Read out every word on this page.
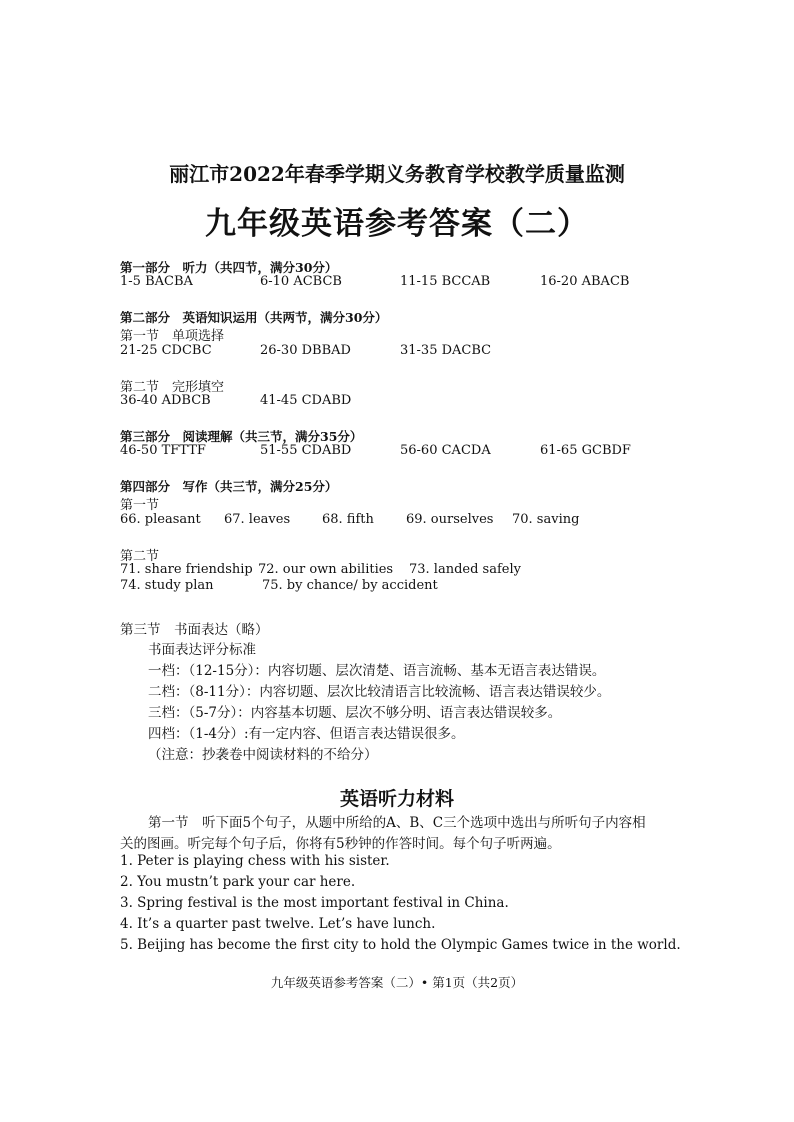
丽江市2022年春季学期义务教育学校教学质量监测
九年级英语参考答案（二）
第一部分　听力（共四节，满分30分）
1-5 BACBA	6-10 ACBCB	11-15 BCCAB	16-20 ABACB
第二部分　英语知识运用（共两节，满分30分）
第一节　单项选择
21-25 CDCBC	26-30 DBBAD	31-35 DACBC
第二节　完形填空
36-40 ADBCB	41-45 CDABD
第三部分　阅读理解（共三节，满分35分）
46-50 TFTTF	51-55 CDABD	56-60 CACDA	61-65 GCBDF
第四部分　写作（共三节，满分25分）
第一节
66. pleasant 67. leaves 68. fifth 69. ourselves 70. saving
第二节
71. share friendship 72. our own abilities 73. landed safely
74. study plan	75. by chance/ by accident
第三节　书面表达（略）
书面表达评分标准
一档：（12-15分）：内容切题、层次清楚、语言流畅、基本无语言表达错误。
二档：（8-11分）：内容切题、层次比较清语言比较流畅、语言表达错误较少。
三档：（5-7分）：内容基本切题、层次不够分明、语言表达错误较多。
四档：（1-4分）:有一定内容、但语言表达错误很多。
（注意：抄袭卷中阅读材料的不给分）
英语听力材料
第一节　听下面5个句子，从题中所给的A、B、C三个选项中选出与所听句子内容相
关的图画。听完每个句子后，你将有5秒钟的作答时间。每个句子听两遍。
1. Peter is playing chess with his sister.
2. You mustn’t park your car here.
3. Spring festival is the most important festival in China.
4. It’s a quarter past twelve. Let’s have lunch.
5. Beijing has become the first city to hold the Olympic Games twice in the world.
九年级英语参考答案（二）• 第1页（共2页）
